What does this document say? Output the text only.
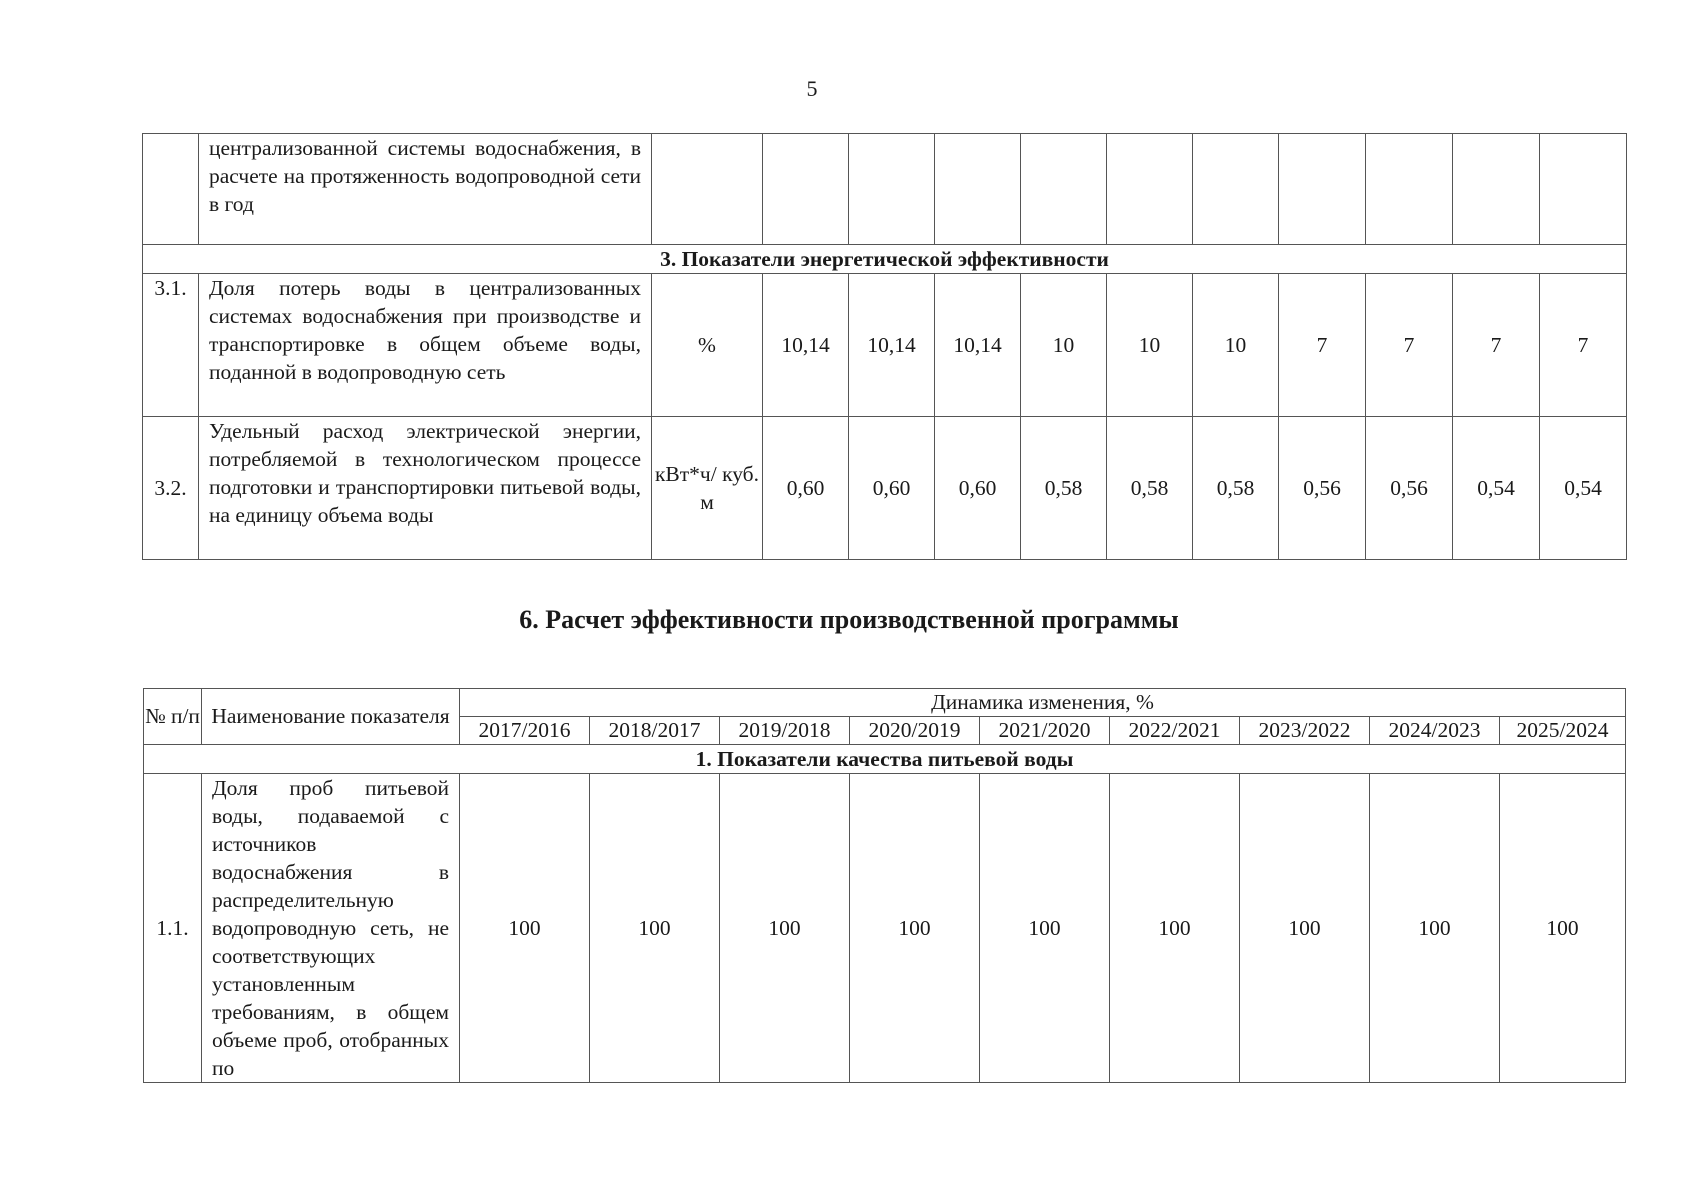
5
	централизованной системы водоснабжения, в расчете на протяженность водопроводной сети в год											
3. Показатели энергетической эффективности												
3.1.	Доля потерь воды в централизованных системах водоснабжения при производстве и транспортировке в общем объеме воды, поданной в водопроводную сеть	%	10,14	10,14	10,14	10	10	10	7	7	7	7
3.2.	Удельный расход электрической энергии, потребляемой в технологическом процессе подготовки и транспортировки питьевой воды, на единицу объема воды	кВт*ч/ куб. м	0,60	0,60	0,60	0,58	0,58	0,58	0,56	0,56	0,54	0,54
6. Расчет эффективности производственной программы
№ п/п	Наименование показателя	Динамика изменения, %								
		2017/2016	2018/2017	2019/2018	2020/2019	2021/2020	2022/2021	2023/2022	2024/2023	2025/2024
1. Показатели качества питьевой воды										
1.1.	Доля проб питьевой воды, подаваемой с источников водоснабжения в распределительную водопроводную сеть, не соответствующих установленным требованиям, в общем объеме проб, отобранных по	100	100	100	100	100	100	100	100	100
